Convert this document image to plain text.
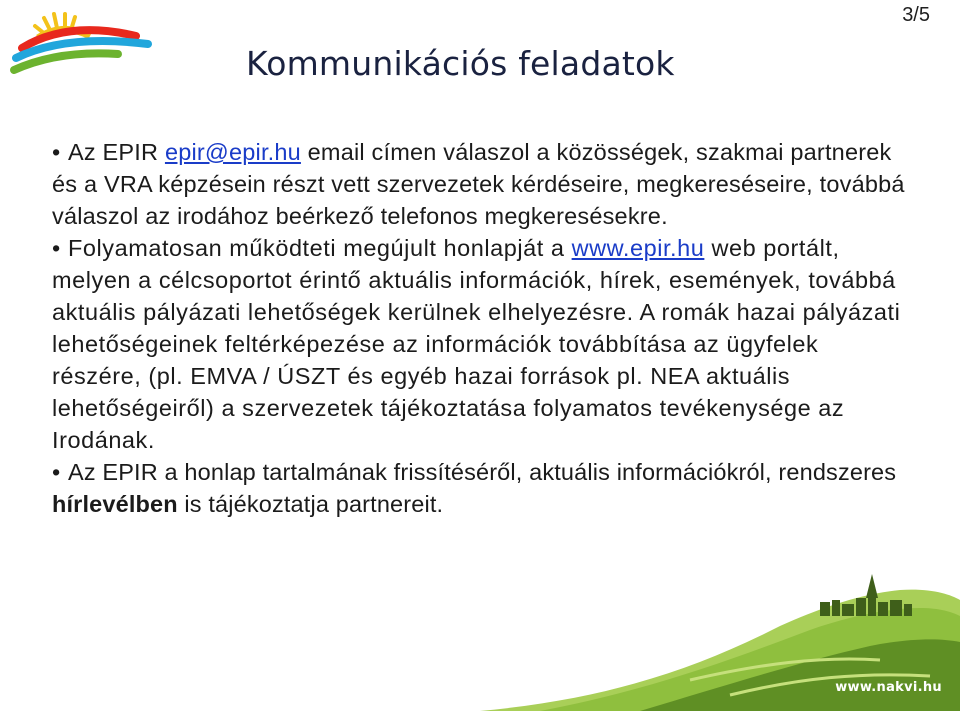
3/5
Kommunikációs feladatok

• Az EPIR epir@epir.hu email címen válaszol a közösségek, szakmai partnerek és a VRA képzésein részt vett szervezetek kérdéseire, megkereséseire, továbbá válaszol az irodához beérkező telefonos megkeresésekre.

• Folyamatosan működteti megújult honlapját a www.epir.hu web portált, melyen a célcsoportot érintő aktuális információk, hírek, események, továbbá aktuális pályázati lehetőségek kerülnek elhelyezésre. A romák hazai pályázati lehetőségeinek feltérképezése az információk továbbítása az ügyfelek részére, (pl. EMVA / ÚSZT és egyéb hazai források pl. NEA aktuális lehetőségeiről) a szervezetek tájékoztatása folyamatos tevékenysége az Irodának.

• Az EPIR a honlap tartalmának frissítéséről, aktuális információkról, rendszeres hírlevélben is tájékoztatja partnereit.

www.nakvi.hu
